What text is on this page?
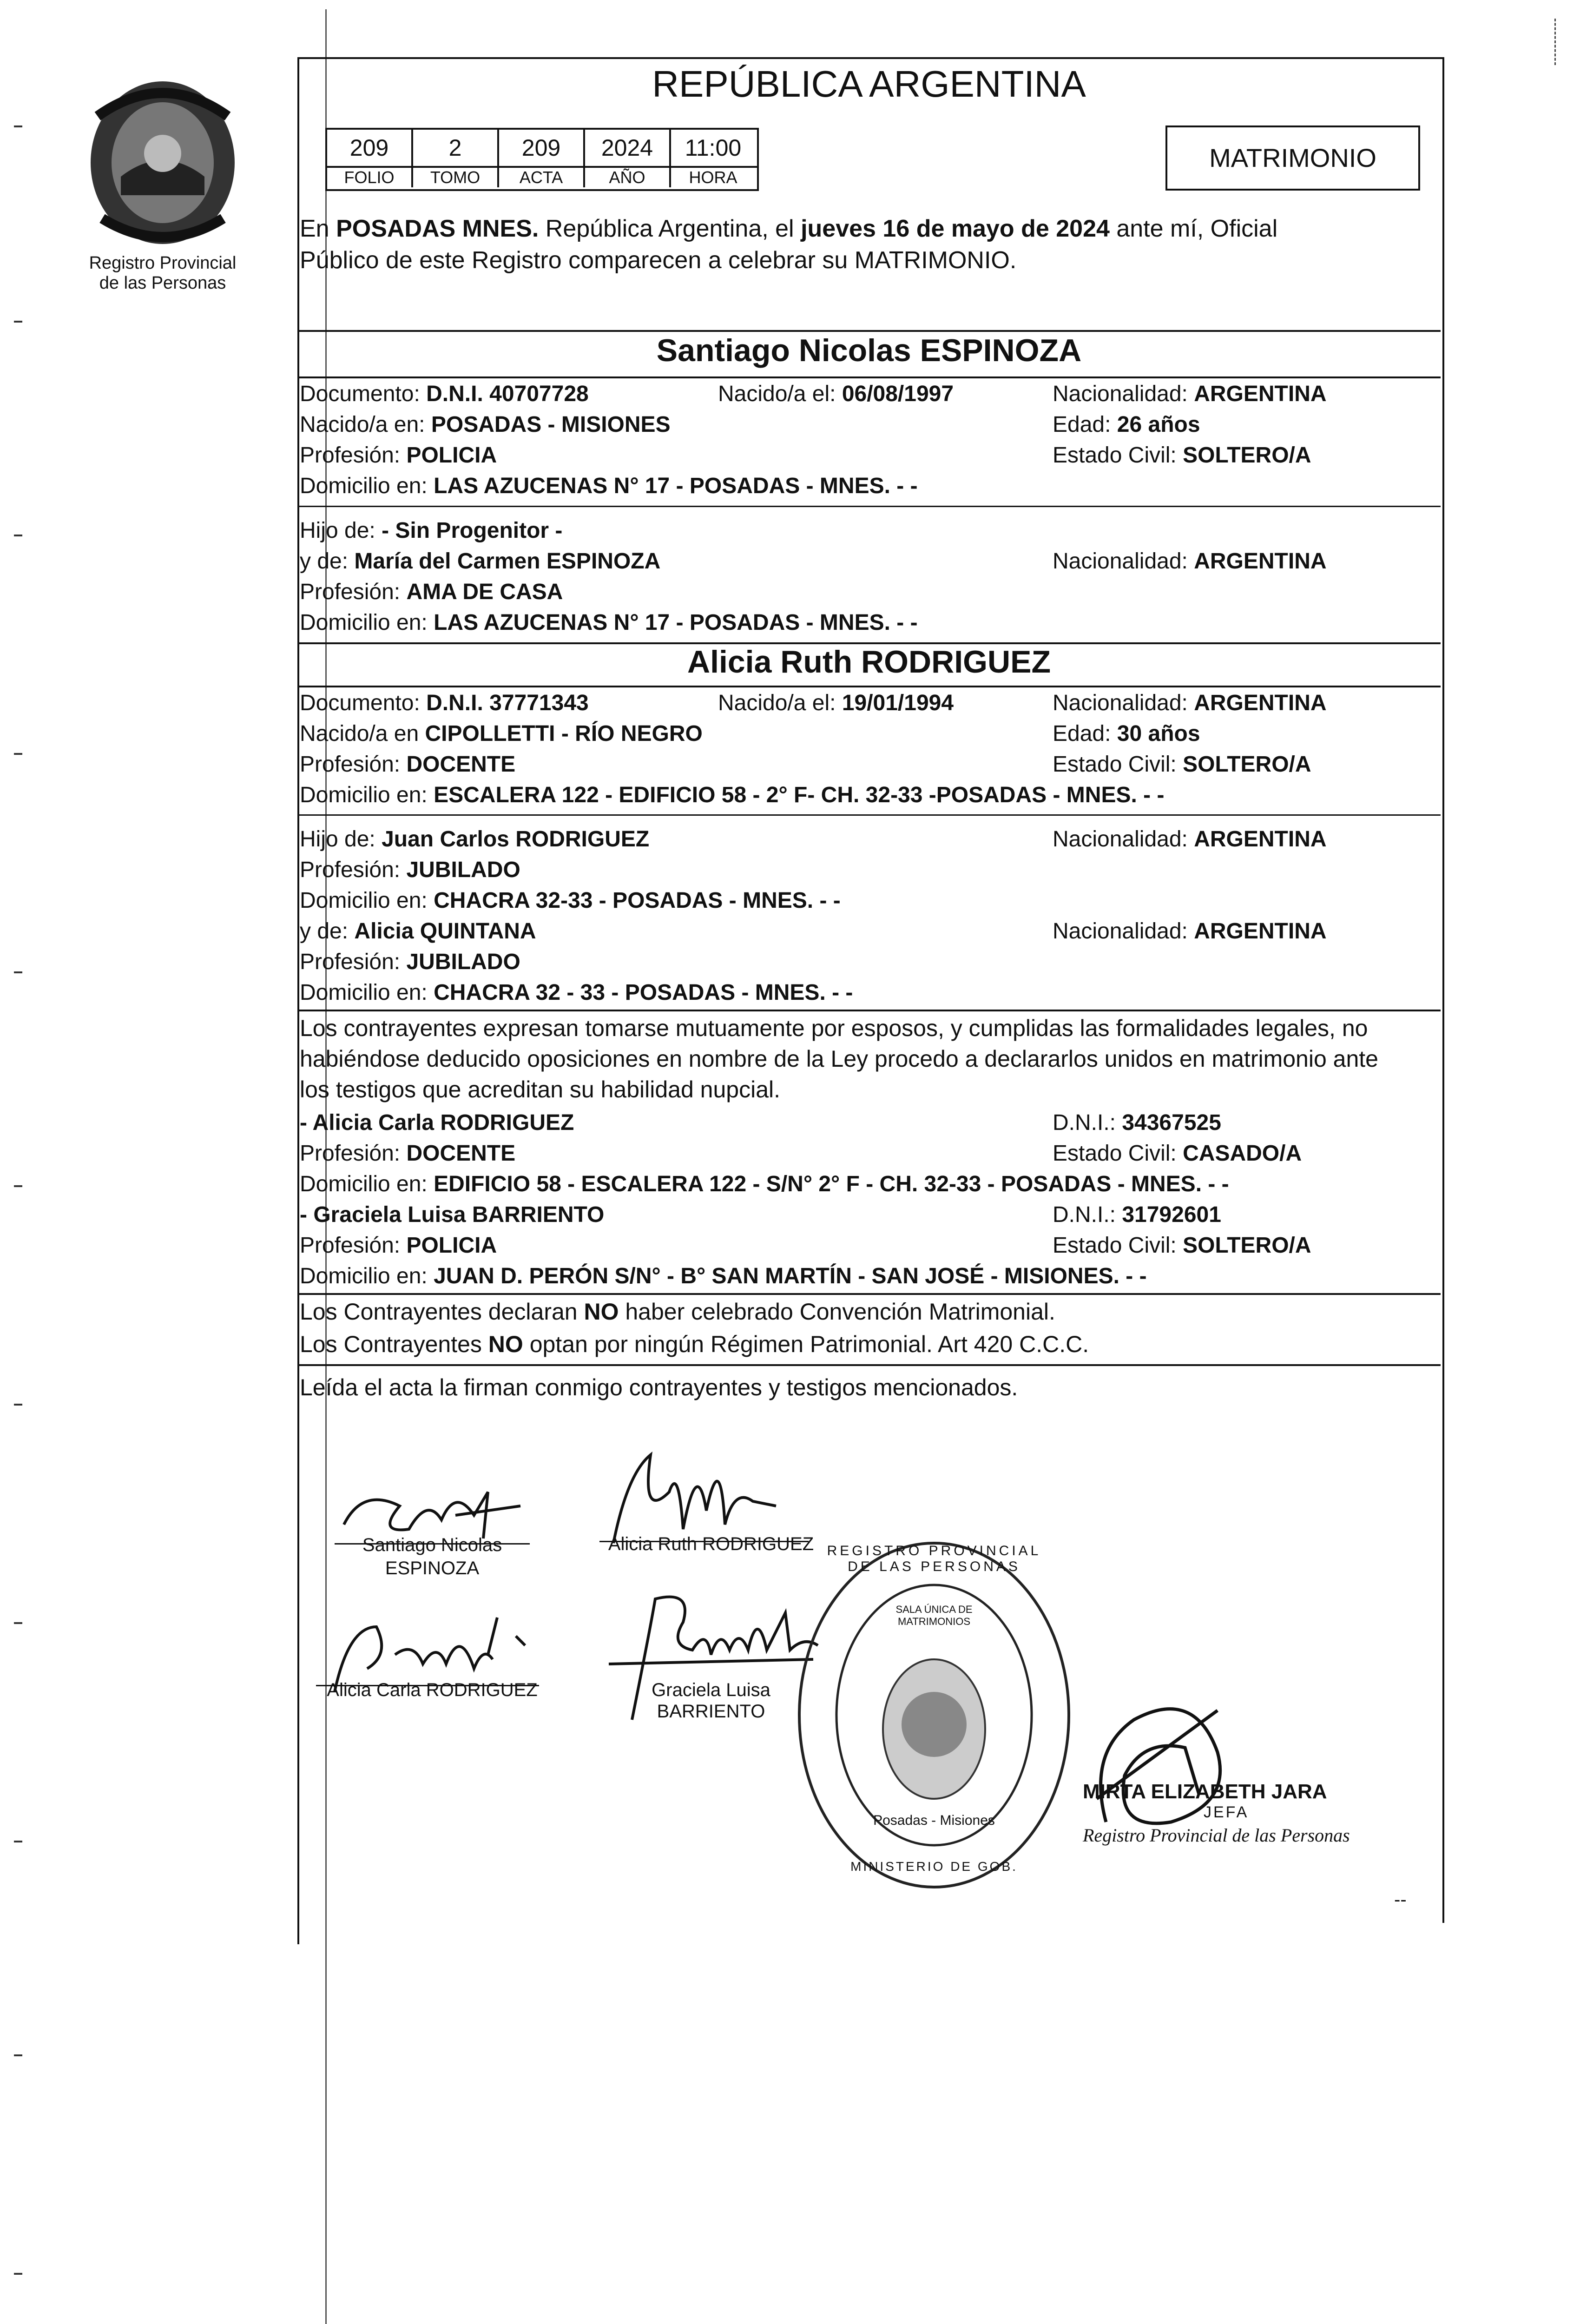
Registro Provincial
de las Personas
REPÚBLICA ARGENTINA
209	2	209	2024	11:00
FOLIO	TOMO	ACTA	AÑO	HORA
MATRIMONIO
En POSADAS MNES. República Argentina, el jueves 16 de mayo de 2024 ante mí, Oficial
Público de este Registro comparecen a celebrar su MATRIMONIO.
Santiago Nicolas ESPINOZA
Documento: D.N.I. 40707728	Nacido/a el: 06/08/1997	Nacionalidad: ARGENTINA
Nacido/a en: POSADAS - MISIONES	Edad: 26 años
Profesión: POLICIA	Estado Civil: SOLTERO/A
Domicilio en: LAS AZUCENAS N° 17 - POSADAS - MNES. - -
Hijo de: - Sin Progenitor -
y de: María del Carmen ESPINOZA	Nacionalidad: ARGENTINA
Profesión: AMA DE CASA
Domicilio en: LAS AZUCENAS N° 17 - POSADAS - MNES. - -
Alicia Ruth RODRIGUEZ
Documento: D.N.I. 37771343	Nacido/a el: 19/01/1994	Nacionalidad: ARGENTINA
Nacido/a en CIPOLLETTI - RÍO NEGRO	Edad: 30 años
Profesión: DOCENTE	Estado Civil: SOLTERO/A
Domicilio en: ESCALERA 122 - EDIFICIO 58 - 2° F- CH. 32-33 -POSADAS - MNES. - -
Hijo de: Juan Carlos RODRIGUEZ	Nacionalidad: ARGENTINA
Profesión: JUBILADO
Domicilio en: CHACRA 32-33 - POSADAS - MNES. - -
y de: Alicia QUINTANA	Nacionalidad: ARGENTINA
Profesión: JUBILADO
Domicilio en: CHACRA 32 - 33 - POSADAS - MNES. - -
Los contrayentes expresan tomarse mutuamente por esposos, y cumplidas las formalidades legales, no
habiéndose deducido oposiciones en nombre de la Ley procedo a declararlos unidos en matrimonio ante
los testigos que acreditan su habilidad nupcial.
- Alicia Carla RODRIGUEZ	D.N.I.: 34367525
Profesión: DOCENTE	Estado Civil: CASADO/A
Domicilio en: EDIFICIO 58 - ESCALERA 122 - S/N° 2° F - CH. 32-33 - POSADAS - MNES. - -
- Graciela Luisa BARRIENTO	D.N.I.: 31792601
Profesión: POLICIA	Estado Civil: SOLTERO/A
Domicilio en: JUAN D. PERÓN S/N° - B° SAN MARTÍN - SAN JOSÉ - MISIONES. - -
Los Contrayentes declaran NO haber celebrado Convención Matrimonial.
Los Contrayentes NO optan por ningún Régimen Patrimonial. Art 420 C.C.C.
Leída el acta la firman conmigo contrayentes y testigos mencionados.
Santiago Nicolas
ESPINOZA
Alicia Ruth RODRIGUEZ
Alicia Carla RODRIGUEZ	Graciela Luisa
BARRIENTO
REGISTRO PROVINCIAL DE LAS PERSONAS
SALA ÚNICA DE MATRIMONIOS
Posadas - Misiones
MINISTERIO DE GOB.
MIRTA ELIZABETH JARA
JEFA
Registro Provincial de las Personas
--
